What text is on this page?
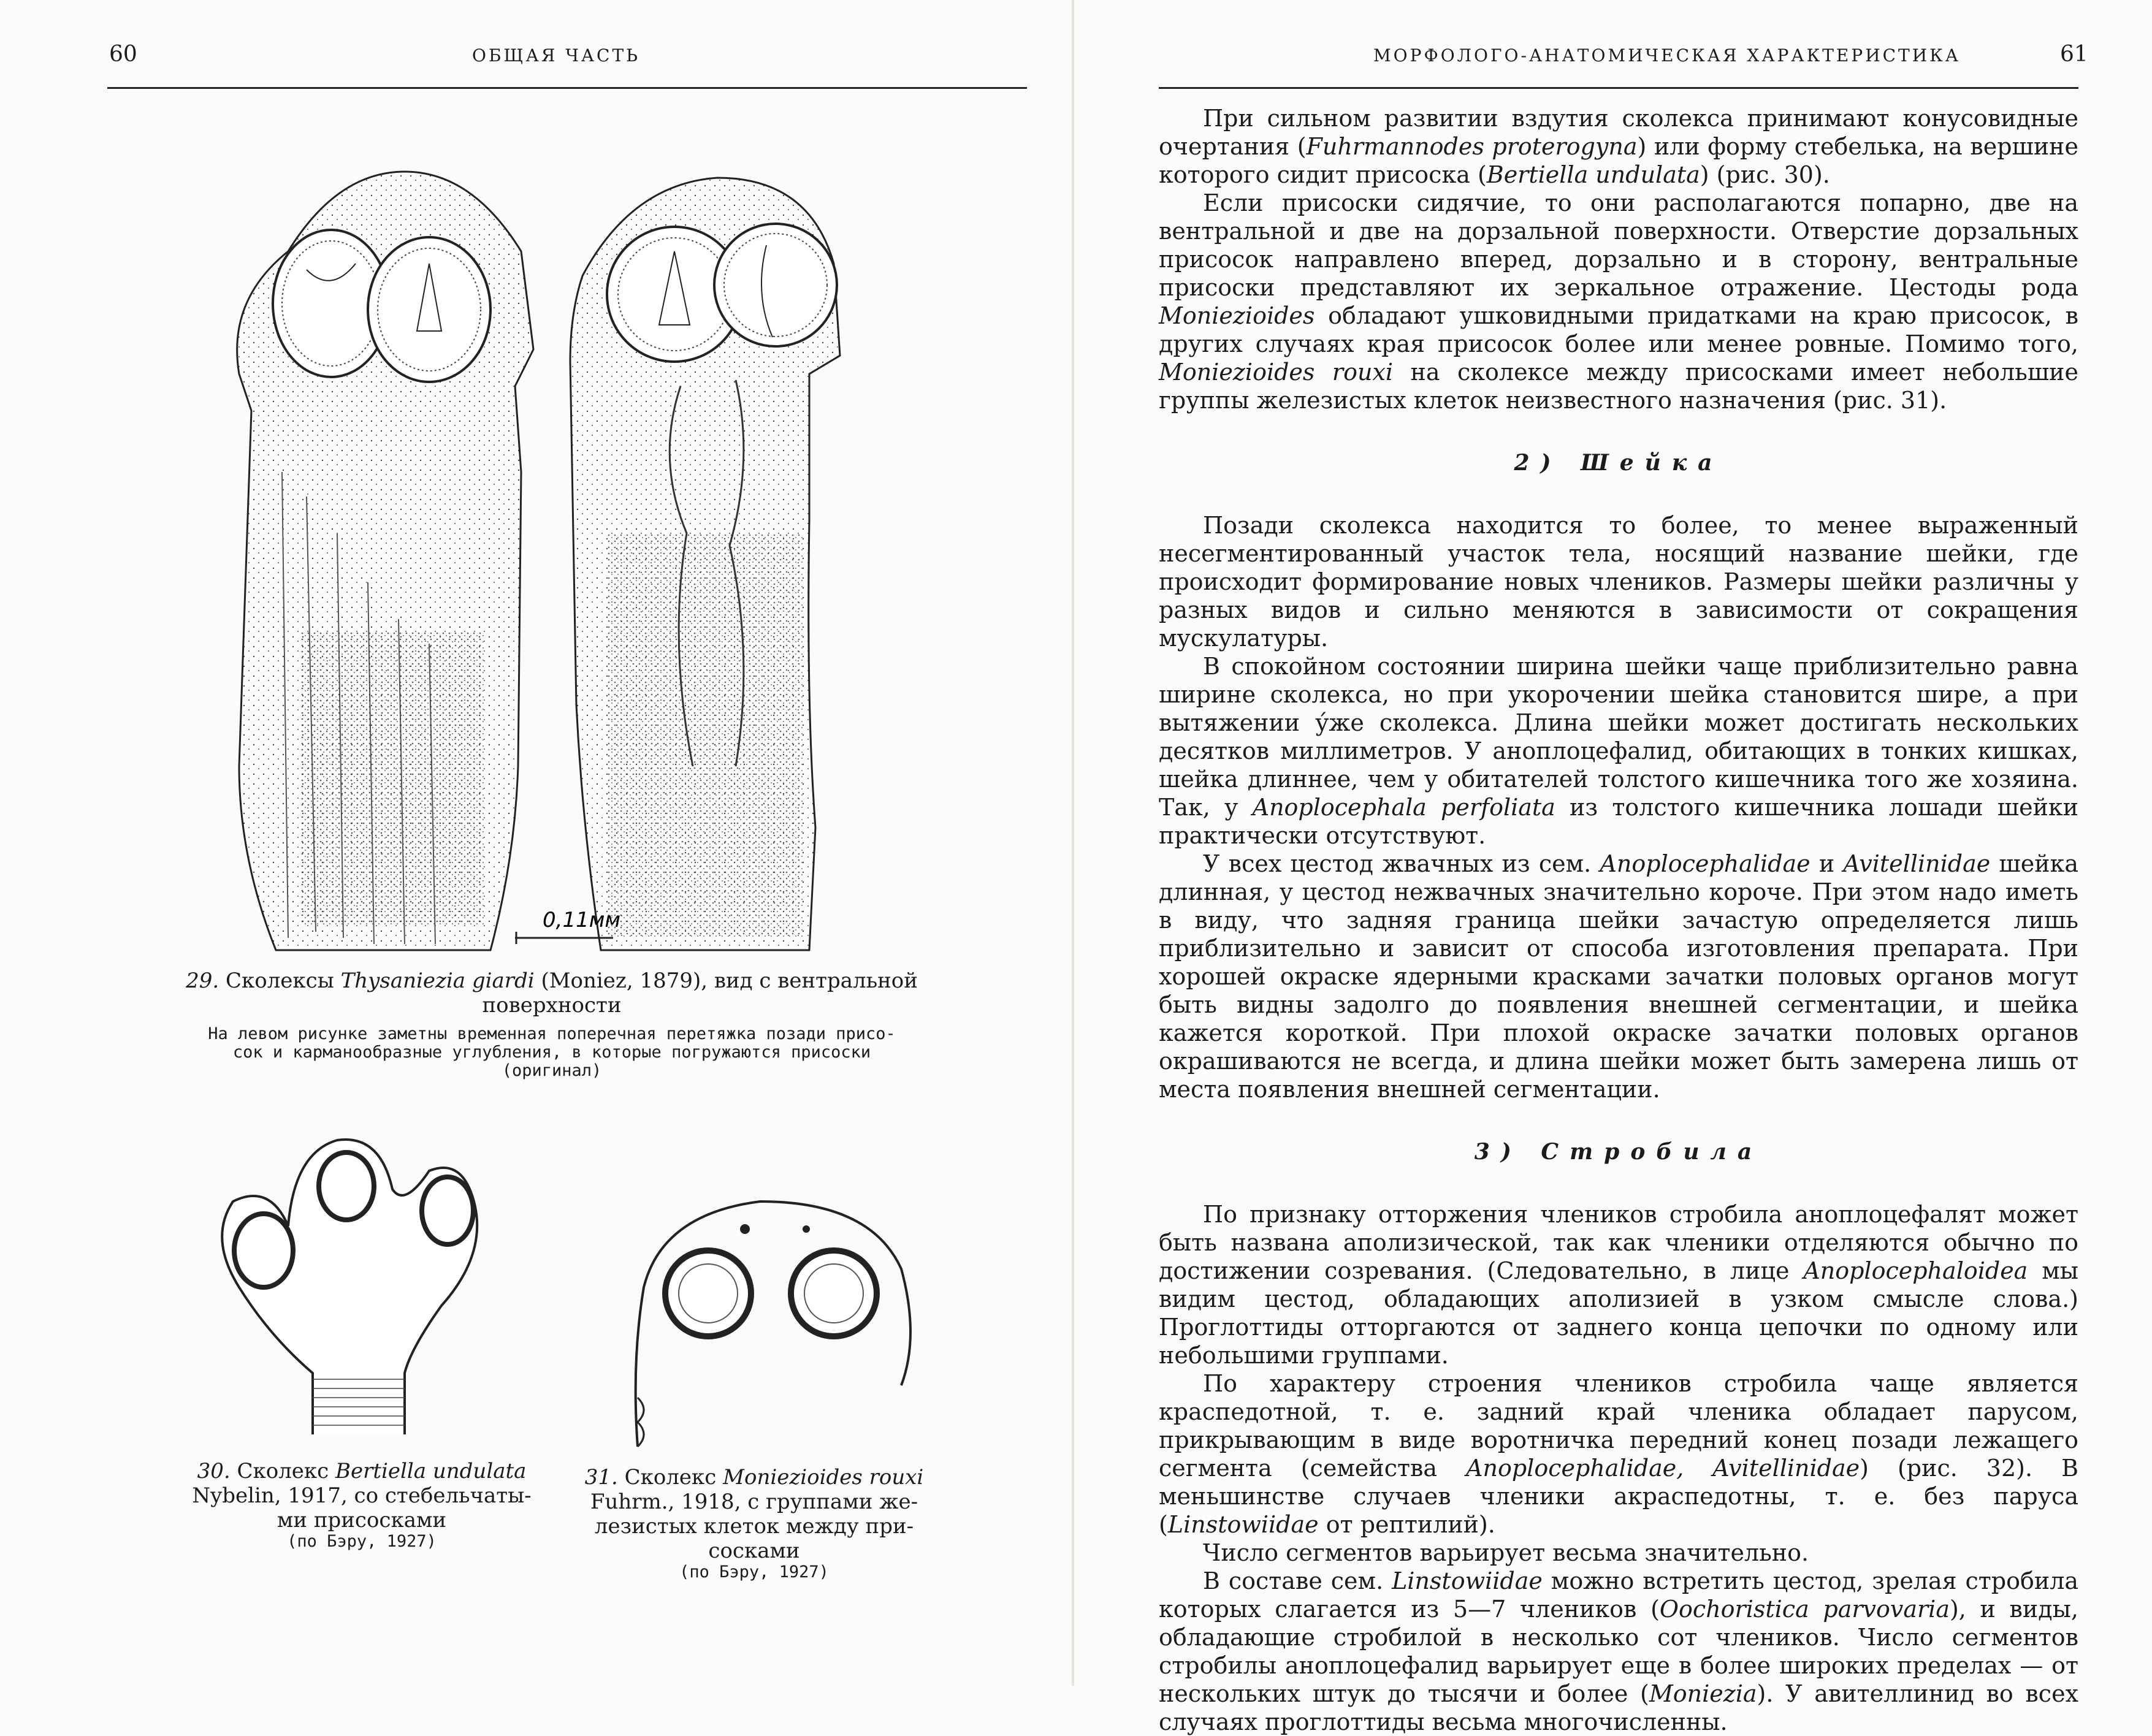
60	ОБЩАЯ ЧАСТЬ
0,11мм
29. Сколексы Thysaniezia giardi (Moniez, 1879), вид с вентральной поверхности
На левом рисунке заметны временная поперечная перетяжка позади присо-
сок и карманообразные углубления, в которые погружаются присоски
(оригинал)
30. Сколекс Bertiella undulata
Nybelin, 1917, со стебельчаты-
ми присосками
(по Бэру, 1927)
31. Сколекс Moniezioides rouxi
Fuhrm., 1918, с группами же-
лезистых клеток между при-
сосками
(по Бэру, 1927)
МОРФОЛОГО-АНАТОМИЧЕСКАЯ ХАРАКТЕРИСТИКА	61

При сильном развитии вздутия сколекса принимают конусовидные очертания (Fuhrmannodes proterogyna) или форму стебелька, на вершине которого сидит присоска (Bertiella undulata) (рис. 30).

Если присоски сидячие, то они располагаются попарно, две на вентральной и две на дорзальной поверхности. Отверстие дорзальных присосок направлено вперед, дорзально и в сторону, вентральные присоски представляют их зеркальное отражение. Цестоды рода Moniezioides обладают ушковидными придатками на краю присосок, в других случаях края присосок более или менее ровные. Помимо того, Moniezioides rouxi на сколексе между присосками имеет небольшие группы железистых клеток неизвестного назначения (рис. 31).

2) Шейка

Позади сколекса находится то более, то менее выраженный несегментированный участок тела, носящий название шейки, где происходит формирование новых члеников. Размеры шейки различны у разных видов и сильно меняются в зависимости от сокращения мускулатуры.

В спокойном состоянии ширина шейки чаще приблизительно равна ширине сколекса, но при укорочении шейка становится шире, а при вытяжении у́же сколекса. Длина шейки может достигать нескольких десятков миллиметров. У аноплоцефалид, обитающих в тонких кишках, шейка длиннее, чем у обитателей толстого кишечника того же хозяина. Так, у Anoplocephala perfoliata из толстого кишечника лошади шейки практически отсутствуют.

У всех цестод жвачных из сем. Anoplocephalidae и Avitellinidae шейка длинная, у цестод нежвачных значительно короче. При этом надо иметь в виду, что задняя граница шейки зачастую определяется лишь приблизительно и зависит от способа изготовления препарата. При хорошей окраске ядерными красками зачатки половых органов могут быть видны задолго до появления внешней сегментации, и шейка кажется короткой. При плохой окраске зачатки половых органов окрашиваются не всегда, и длина шейки может быть замерена лишь от места появления внешней сегментации.

3) Стробила

По признаку отторжения члеников стробила аноплоцефалят может быть названа аполизической, так как членики отделяются обычно по достижении созревания. (Следовательно, в лице Anoplocephaloidea мы видим цестод, обладающих аполизией в узком смысле слова.) Проглоттиды отторгаются от заднего конца цепочки по одному или небольшими группами.

По характеру строения члеников стробила чаще является краспедотной, т. е. задний край членика обладает парусом, прикрывающим в виде воротничка передний конец позади лежащего сегмента (семейства Anoplocephalidae, Avitellinidae) (рис. 32). В меньшинстве случаев членики акраспедотны, т. е. без паруса (Linstowiidae от рептилий).

Число сегментов варьирует весьма значительно.

В составе сем. Linstowiidae можно встретить цестод, зрелая стробила которых слагается из 5—7 члеников (Oochoristica parvovaria), и виды, обладающие стробилой в несколько сот члеников. Число сегментов стробилы аноплоцефалид варьирует еще в более широких пределах — от нескольких штук до тысячи и более (Moniezia). У авителлинид во всех случаях проглоттиды весьма многочисленны.
